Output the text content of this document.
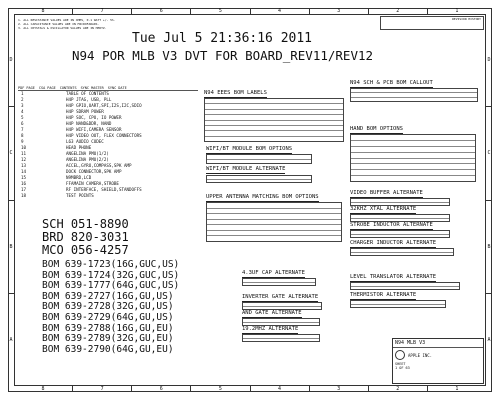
8	7	6	5	4	3	2	1
8	7	6	5	4	3	2	1
D
C
B
A
D
C
B
A
1. ALL RESISTANCE VALUES ARE IN OHMS, 0.1 WATT +/- 5%.
2. ALL CAPACITANCE VALUES ARE IN MICROFARADS.
3. ALL CRYSTALS & OSCILLATOR VALUES ARE IN HERTZ.
REVISION HISTORY
Tue Jul 5 21:36:16 2011
N94 POR MLB V3 DVT FOR BOARD_REV11/REV12
PDF PAGE CSA PAGE CONTENTS SYNC MASTER SYNC DATE
1	TABLE OF CONTENTS
2	H4P JTAG, USB, PLL
3	H4P GPIO,UART,SPI,I2S,I2C,SDIO
4	H4P SDRAM POWER
5	H4P SOC, CPU, IO POWER
6	H4P NAND&DDR, NAND
7	H4P WIFI,CAMERA SENSOR
8	H4P VIDEO OUT, FLEX CONNECTORS
9	L63 AUDIO CODEC
10	HEAD PHONE
11	ANGELINA PMU(1/2)
12	ANGELINA PMU(2/2)
13	ACCEL,GYRO,COMPASS,SPK AMP
14	DOCK CONNECTOR,SPK AMP
15	N9MBRD,LCD
16	FFAMAIN CAMERA,STROBE
17	RF INTERFACE, SHIELD,STANDOFFS
18	TEST POINTS
SCH 051-8890
BRD 820-3031
MCO 056-4257
BOM 639-1723(16G,GUC,US)
BOM 639-1724(32G,GUC,US)
BOM 639-1777(64G,GUC,US)
BOM 639-2727(16G,GU,US)
BOM 639-2728(32G,GU,US)
BOM 639-2729(64G,GU,US)
BOM 639-2788(16G,GU,EU)
BOM 639-2789(32G,GU,EU)
BOM 639-2790(64G,GU,EU)
N94 EEES BOM LABELS
WIFI/BT MODULE BOM OPTIONS
WIFI/BT MODULE ALTERNATE
UPPER ANTENNA MATCHING BOM OPTIONS
4.3UF CAP ALTERNATE
INVERTER GATE ALTERNATE
AND GATE ALTERNATE
19.2MHZ ALTERNATE
N94 SCH & PCB BOM CALLOUT
HAND BOM OPTIONS
VIDEO BUFFER ALTERNATE
32KHZ XTAL ALTERNATE
STROBE INDUCTOR ALTERNATE
CHARGER INDUCTOR ALTERNATE
LEVEL TRANSLATOR ALTERNATE
THERMISTOR ALTERNATE
N94 MLB V3
APPLE INC.
SHEET
1 OF 63
